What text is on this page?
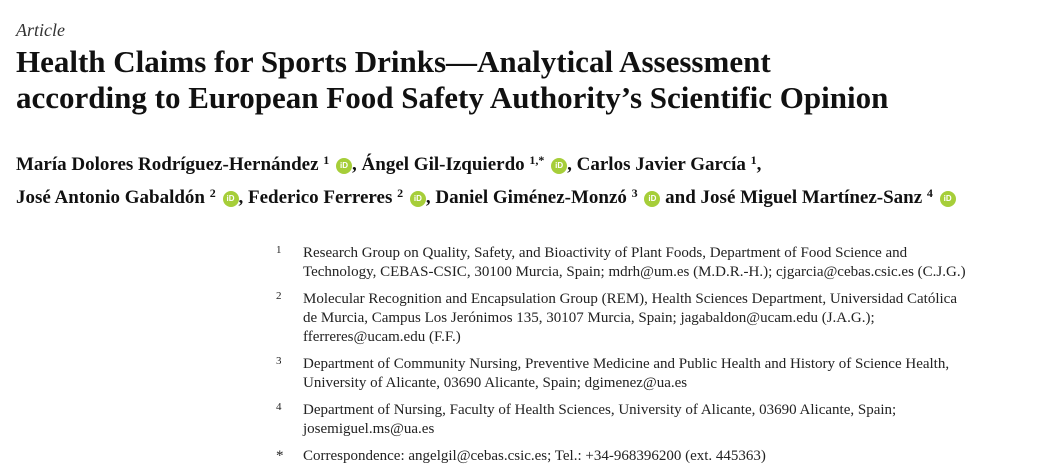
Article
Health Claims for Sports Drinks—Analytical Assessment
according to European Food Safety Authority’s Scientific Opinion
María Dolores Rodríguez-Hernández $^1$ iD , Ángel Gil-Izquierdo $^{1,*}$ iD , Carlos Javier García $^1$,
José Antonio Gabaldón $^2$ iD , Federico Ferreres $^2$ iD , Daniel Giménez-Monzó $^3$ iD and José Miguel Martínez-Sanz $^4$ iD
1 Research Group on Quality, Safety, and Bioactivity of Plant Foods, Department of Food Science and
Technology, CEBAS-CSIC, 30100 Murcia, Spain; mdrh@um.es (M.D.R.-H.); cjgarcia@cebas.csic.es (C.J.G.)
2 Molecular Recognition and Encapsulation Group (REM), Health Sciences Department, Universidad Católica
de Murcia, Campus Los Jerónimos 135, 30107 Murcia, Spain; jagabaldon@ucam.edu (J.A.G.);
fferreres@ucam.edu (F.F.)
3 Department of Community Nursing, Preventive Medicine and Public Health and History of Science Health,
University of Alicante, 03690 Alicante, Spain; dgimenez@ua.es
4 Department of Nursing, Faculty of Health Sciences, University of Alicante, 03690 Alicante, Spain;
josemiguel.ms@ua.es
* Correspondence: angelgil@cebas.csic.es; Tel.: +34-968396200 (ext. 445363)
